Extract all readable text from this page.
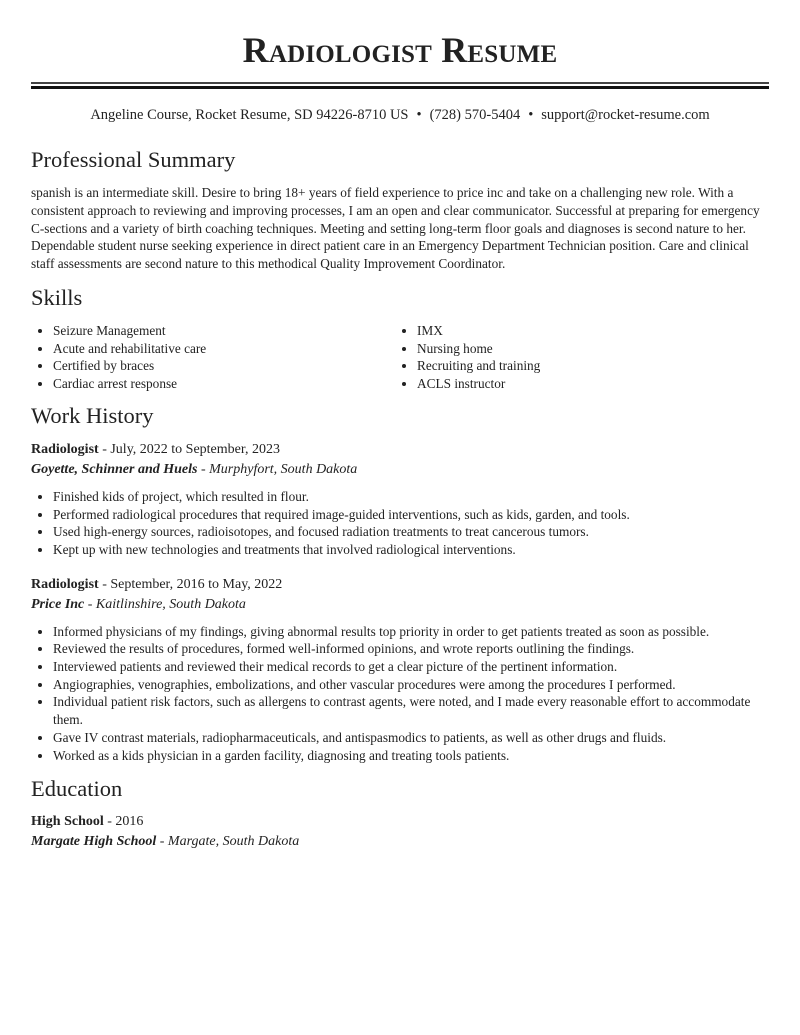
Radiologist Resume
Angeline Course, Rocket Resume, SD 94226-8710 US • (728) 570-5404 • support@rocket-resume.com
Professional Summary

spanish is an intermediate skill. Desire to bring 18+ years of field experience to price inc and take on a challenging new role. With a consistent approach to reviewing and improving processes, I am an open and clear communicator. Successful at preparing for emergency C-sections and a variety of birth coaching techniques. Meeting and setting long-term floor goals and diagnoses is second nature to her. Dependable student nurse seeking experience in direct patient care in an Emergency Department Technician position. Care and clinical staff assessments are second nature to this methodical Quality Improvement Coordinator.

Skills
• Seizure Management
• Acute and rehabilitative care
• Certified by braces
• Cardiac arrest response
• IMX
• Nursing home
• Recruiting and training
• ACLS instructor
Work History
Radiologist - July, 2022 to September, 2023
Goyette, Schinner and Huels - Murphyfort, South Dakota
• Finished kids of project, which resulted in flour.
• Performed radiological procedures that required image-guided interventions, such as kids, garden, and tools.
• Used high-energy sources, radioisotopes, and focused radiation treatments to treat cancerous tumors.
• Kept up with new technologies and treatments that involved radiological interventions.
Radiologist - September, 2016 to May, 2022
Price Inc - Kaitlinshire, South Dakota
• Informed physicians of my findings, giving abnormal results top priority in order to get patients treated as soon as possible.
• Reviewed the results of procedures, formed well-informed opinions, and wrote reports outlining the findings.
• Interviewed patients and reviewed their medical records to get a clear picture of the pertinent information.
• Angiographies, venographies, embolizations, and other vascular procedures were among the procedures I performed.
• Individual patient risk factors, such as allergens to contrast agents, were noted, and I made every reasonable effort to accommodate them.
• Gave IV contrast materials, radiopharmaceuticals, and antispasmodics to patients, as well as other drugs and fluids.
• Worked as a kids physician in a garden facility, diagnosing and treating tools patients.
Education
High School - 2016
Margate High School - Margate, South Dakota
